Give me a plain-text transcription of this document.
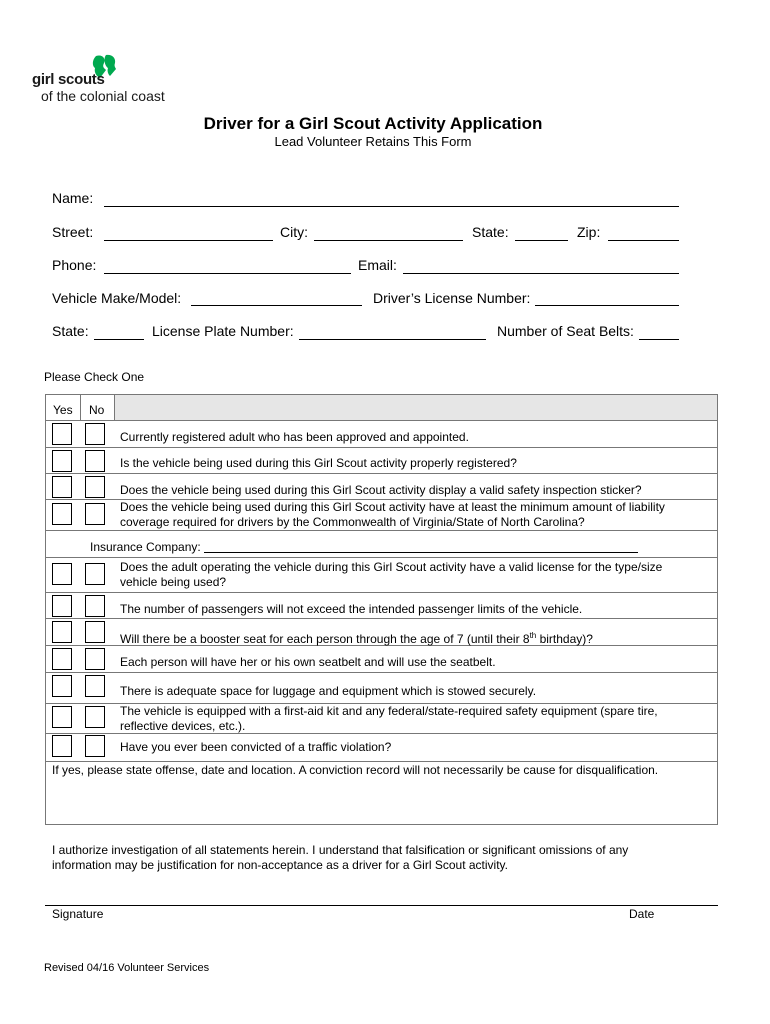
girl scouts
of the colonial coast
Driver for a Girl Scout Activity Application
Lead Volunteer Retains This Form
Name:
Street:	City:	State:	Zip:
Phone:	Email:
Vehicle Make/Model:	Driver’s License Number:
State:	License Plate Number:	Number of Seat Belts:
Please Check One
Yes No
Currently registered adult who has been approved and appointed.
Is the vehicle being used during this Girl Scout activity properly registered?
Does the vehicle being used during this Girl Scout activity display a valid safety inspection sticker?
Does the vehicle being used during this Girl Scout activity have at least the minimum amount of liability
coverage required for drivers by the Commonwealth of Virginia/State of North Carolina?
Insurance Company:
Does the adult operating the vehicle during this Girl Scout activity have a valid license for the type/size
vehicle being used?
The number of passengers will not exceed the intended passenger limits of the vehicle.
Will there be a booster seat for each person through the age of 7 (until their 8th birthday)?
Each person will have her or his own seatbelt and will use the seatbelt.
There is adequate space for luggage and equipment which is stowed securely.
The vehicle is equipped with a first-aid kit and any federal/state-required safety equipment (spare tire,
reflective devices, etc.).
Have you ever been convicted of a traffic violation?
If yes, please state offense, date and location. A conviction record will not necessarily be cause for disqualification.
I authorize investigation of all statements herein. I understand that falsification or significant omissions of any
information may be justification for non-acceptance as a driver for a Girl Scout activity.
Signature	Date
Revised 04/16 Volunteer Services
